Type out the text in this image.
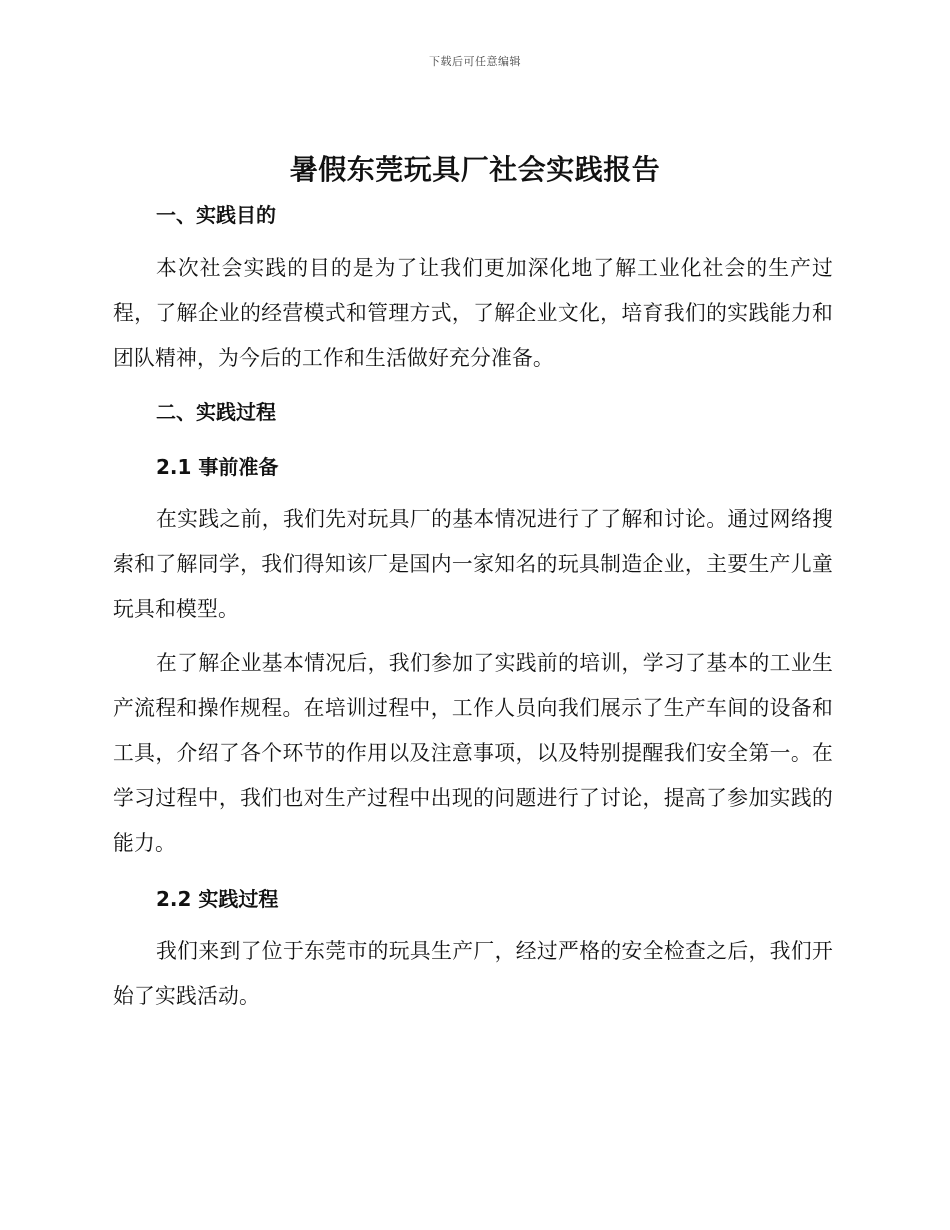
下载后可任意编辑
暑假东莞玩具厂社会实践报告
一、实践目的

本次社会实践的目的是为了让我们更加深化地了解工业化社会的生产过程，了解企业的经营模式和管理方式，了解企业文化，培育我们的实践能力和团队精神，为今后的工作和生活做好充分准备。

二、实践过程
2.1 事前准备

在实践之前，我们先对玩具厂的基本情况进行了了解和讨论。通过网络搜索和了解同学，我们得知该厂是国内一家知名的玩具制造企业，主要生产儿童玩具和模型。

在了解企业基本情况后，我们参加了实践前的培训，学习了基本的工业生产流程和操作规程。在培训过程中，工作人员向我们展示了生产车间的设备和工具，介绍了各个环节的作用以及注意事项，以及特别提醒我们安全第一。在学习过程中，我们也对生产过程中出现的问题进行了讨论，提高了参加实践的能力。

2.2 实践过程

我们来到了位于东莞市的玩具生产厂，经过严格的安全检查之后，我们开始了实践活动。
